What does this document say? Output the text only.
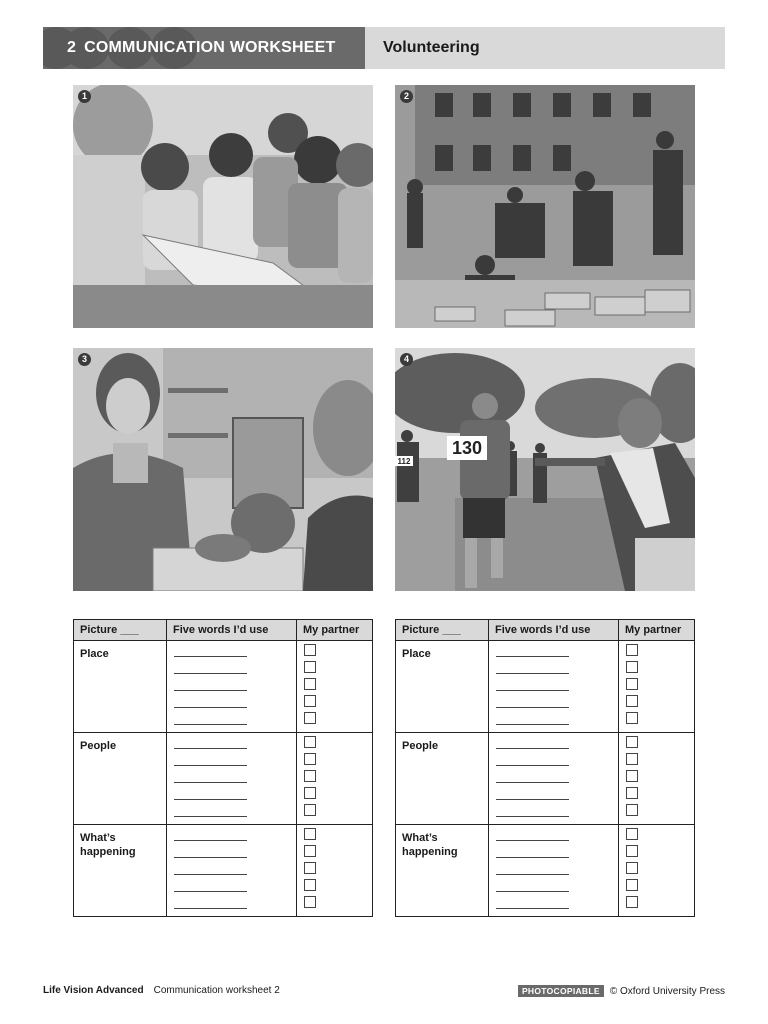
2 COMMUNICATION WORKSHEET	Volunteering
1	2
3
112
130
4
Picture ___	Five words I’d use	My partner
Place
People
What’s happening
Picture ___	Five words I’d use	My partner
Place
People
What’s happening
Life Vision Advanced Communication worksheet 2	PHOTOCOPIABLE	© Oxford University Press
